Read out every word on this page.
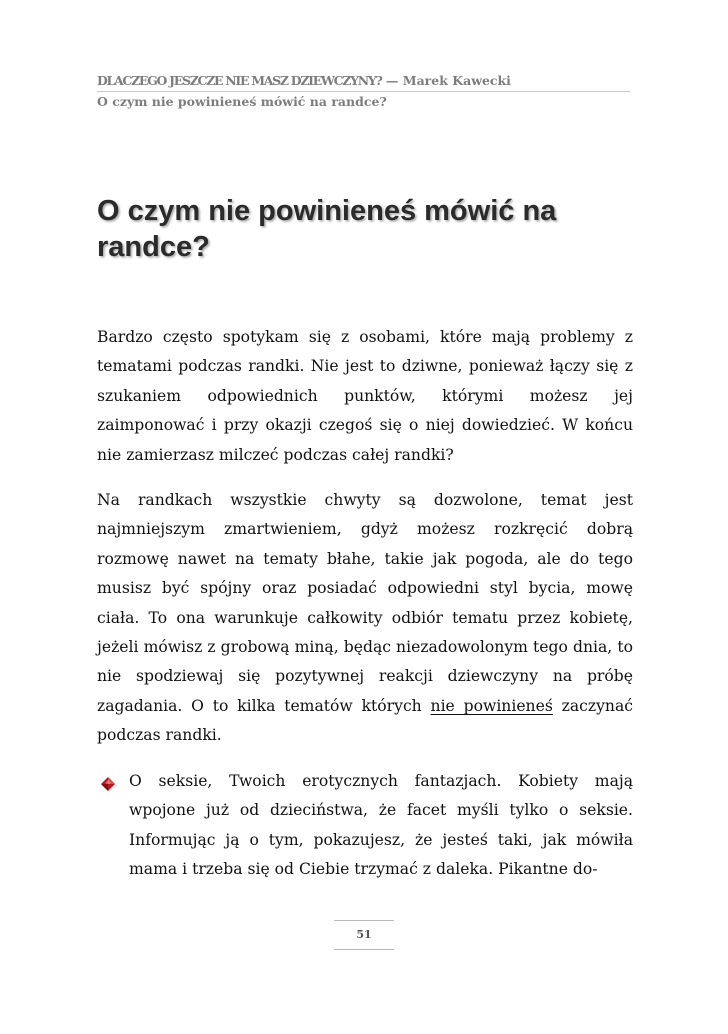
DLACZEGO JESZCZE NIE MASZ DZIEWCZYNY? — Marek Kawecki
O czym nie powinieneś mówić na randce?
O czym nie powinieneś mówić na randce?

Bardzo często spotykam się z osobami, które mają problemy z tematami podczas randki. Nie jest to dziwne, ponieważ łączy się z szukaniem odpowiednich punktów, którymi możesz jej zaimponować i przy okazji czegoś się o niej dowiedzieć. W końcu nie zamierzasz milczeć podczas całej randki?

Na randkach wszystkie chwyty są dozwolone, temat jest najmniejszym zmartwieniem, gdyż możesz rozkręcić dobrą rozmowę nawet na tematy błahe, takie jak pogoda, ale do tego musisz być spójny oraz posiadać odpowiedni styl bycia, mowę ciała. To ona warunkuje całkowity odbiór tematu przez kobietę, jeżeli mówisz z grobową miną, będąc niezadowolonym tego dnia, to nie spodziewaj się pozytywnej reakcji dziewczyny na próbę zagadania. O to kilka tematów których nie powinieneś zaczynać podczas randki.

O seksie, Twoich erotycznych fantazjach. Kobiety mają wpojone już od dzieciństwa, że facet myśli tylko o seksie. Informując ją o tym, pokazujesz, że jesteś taki, jak mówiła mama i trzeba się od Ciebie trzymać z daleka. Pikantne do-
51
